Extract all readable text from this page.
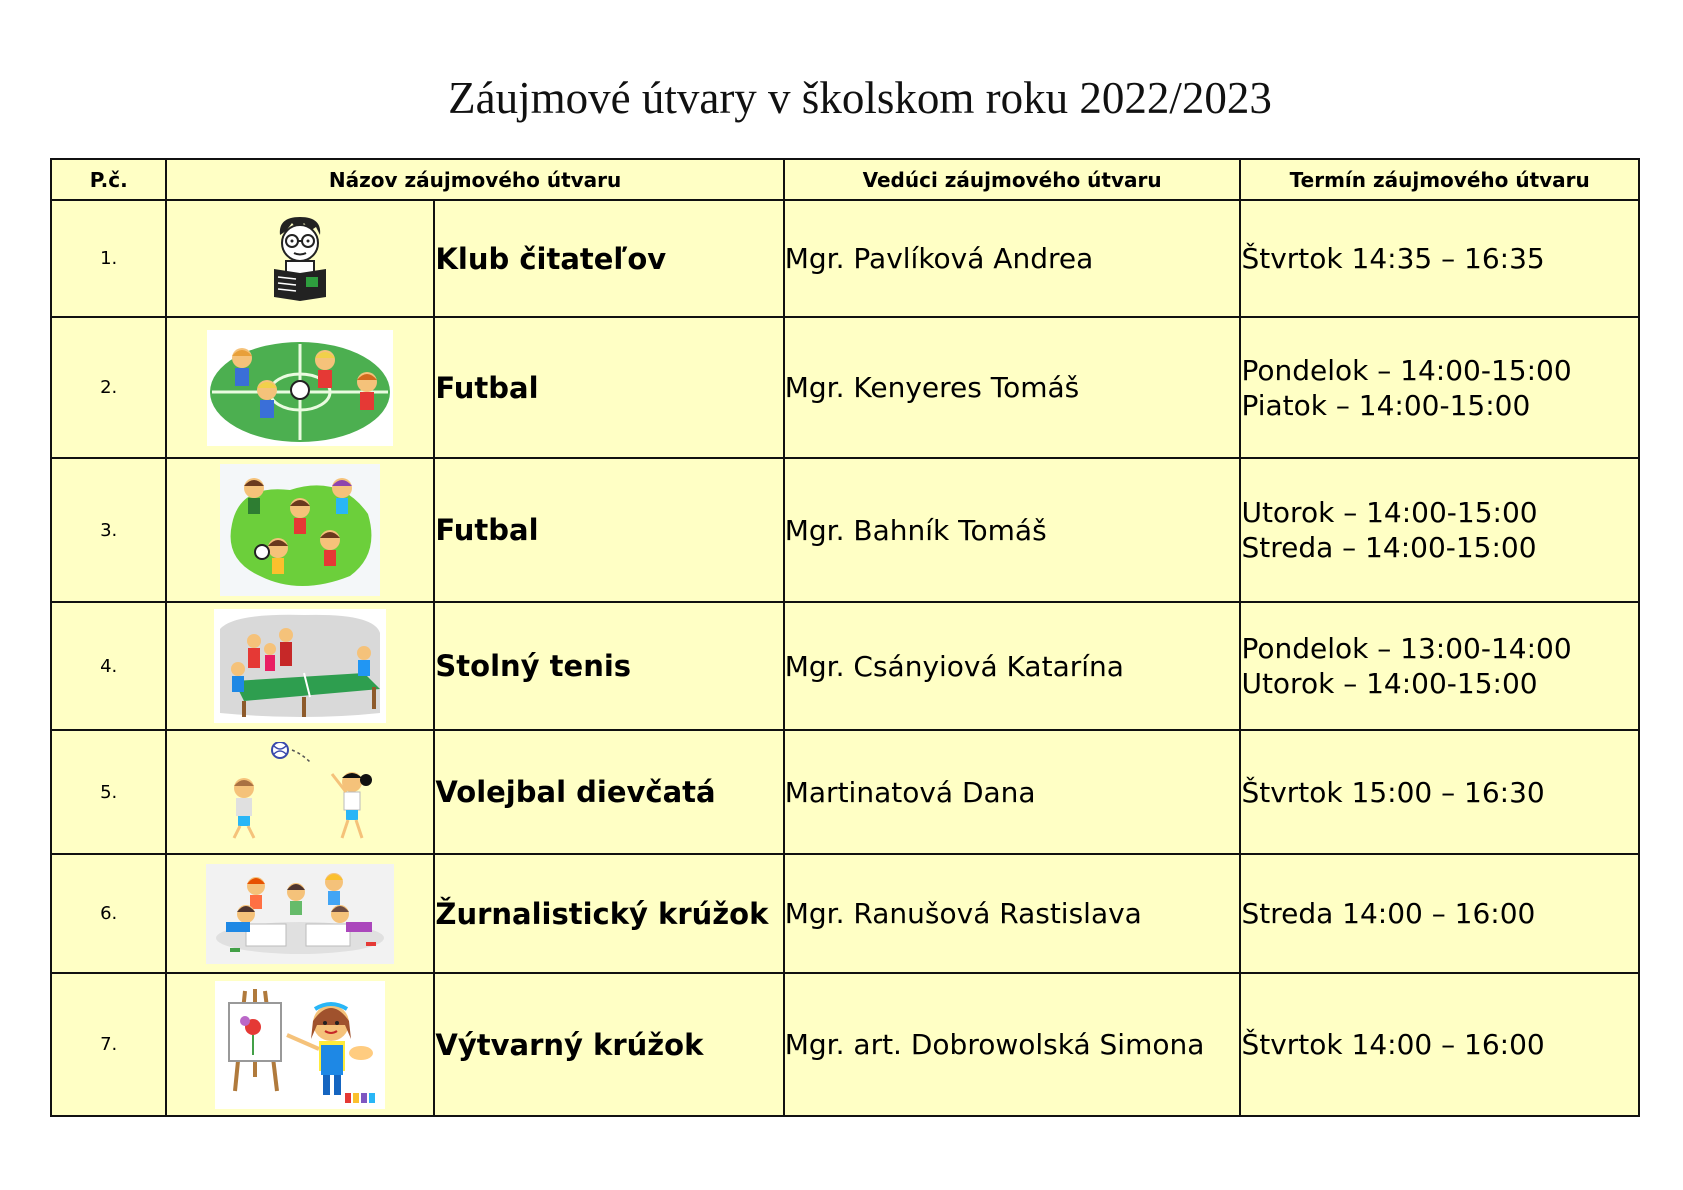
Záujmové útvary v školskom roku 2022/2023
P.č.	Názov záujmového útvaru		Vedúci záujmového útvaru	Termín záujmového útvaru
1.		Klub čitateľov	Mgr. Pavlíková Andrea	Štvrtok 14:35 – 16:35

2.		Futbal	Mgr. Kenyeres Tomáš	Pondelok – 14:00-15:00
Piatok – 14:00-15:00

3.		Futbal	Mgr. Bahník Tomáš	Utorok – 14:00-15:00
Streda – 14:00-15:00

4.		Stolný tenis	Mgr. Csányiová Katarína	Pondelok – 13:00-14:00
Utorok – 14:00-15:00

5.		Volejbal dievčatá	Martinatová Dana	Štvrtok 15:00 – 16:30

6.		Žurnalistický krúžok	Mgr. Ranušová Rastislava	Streda 14:00 – 16:00

7.		Výtvarný krúžok	Mgr. art. Dobrowolská Simona	Štvrtok 14:00 – 16:00
